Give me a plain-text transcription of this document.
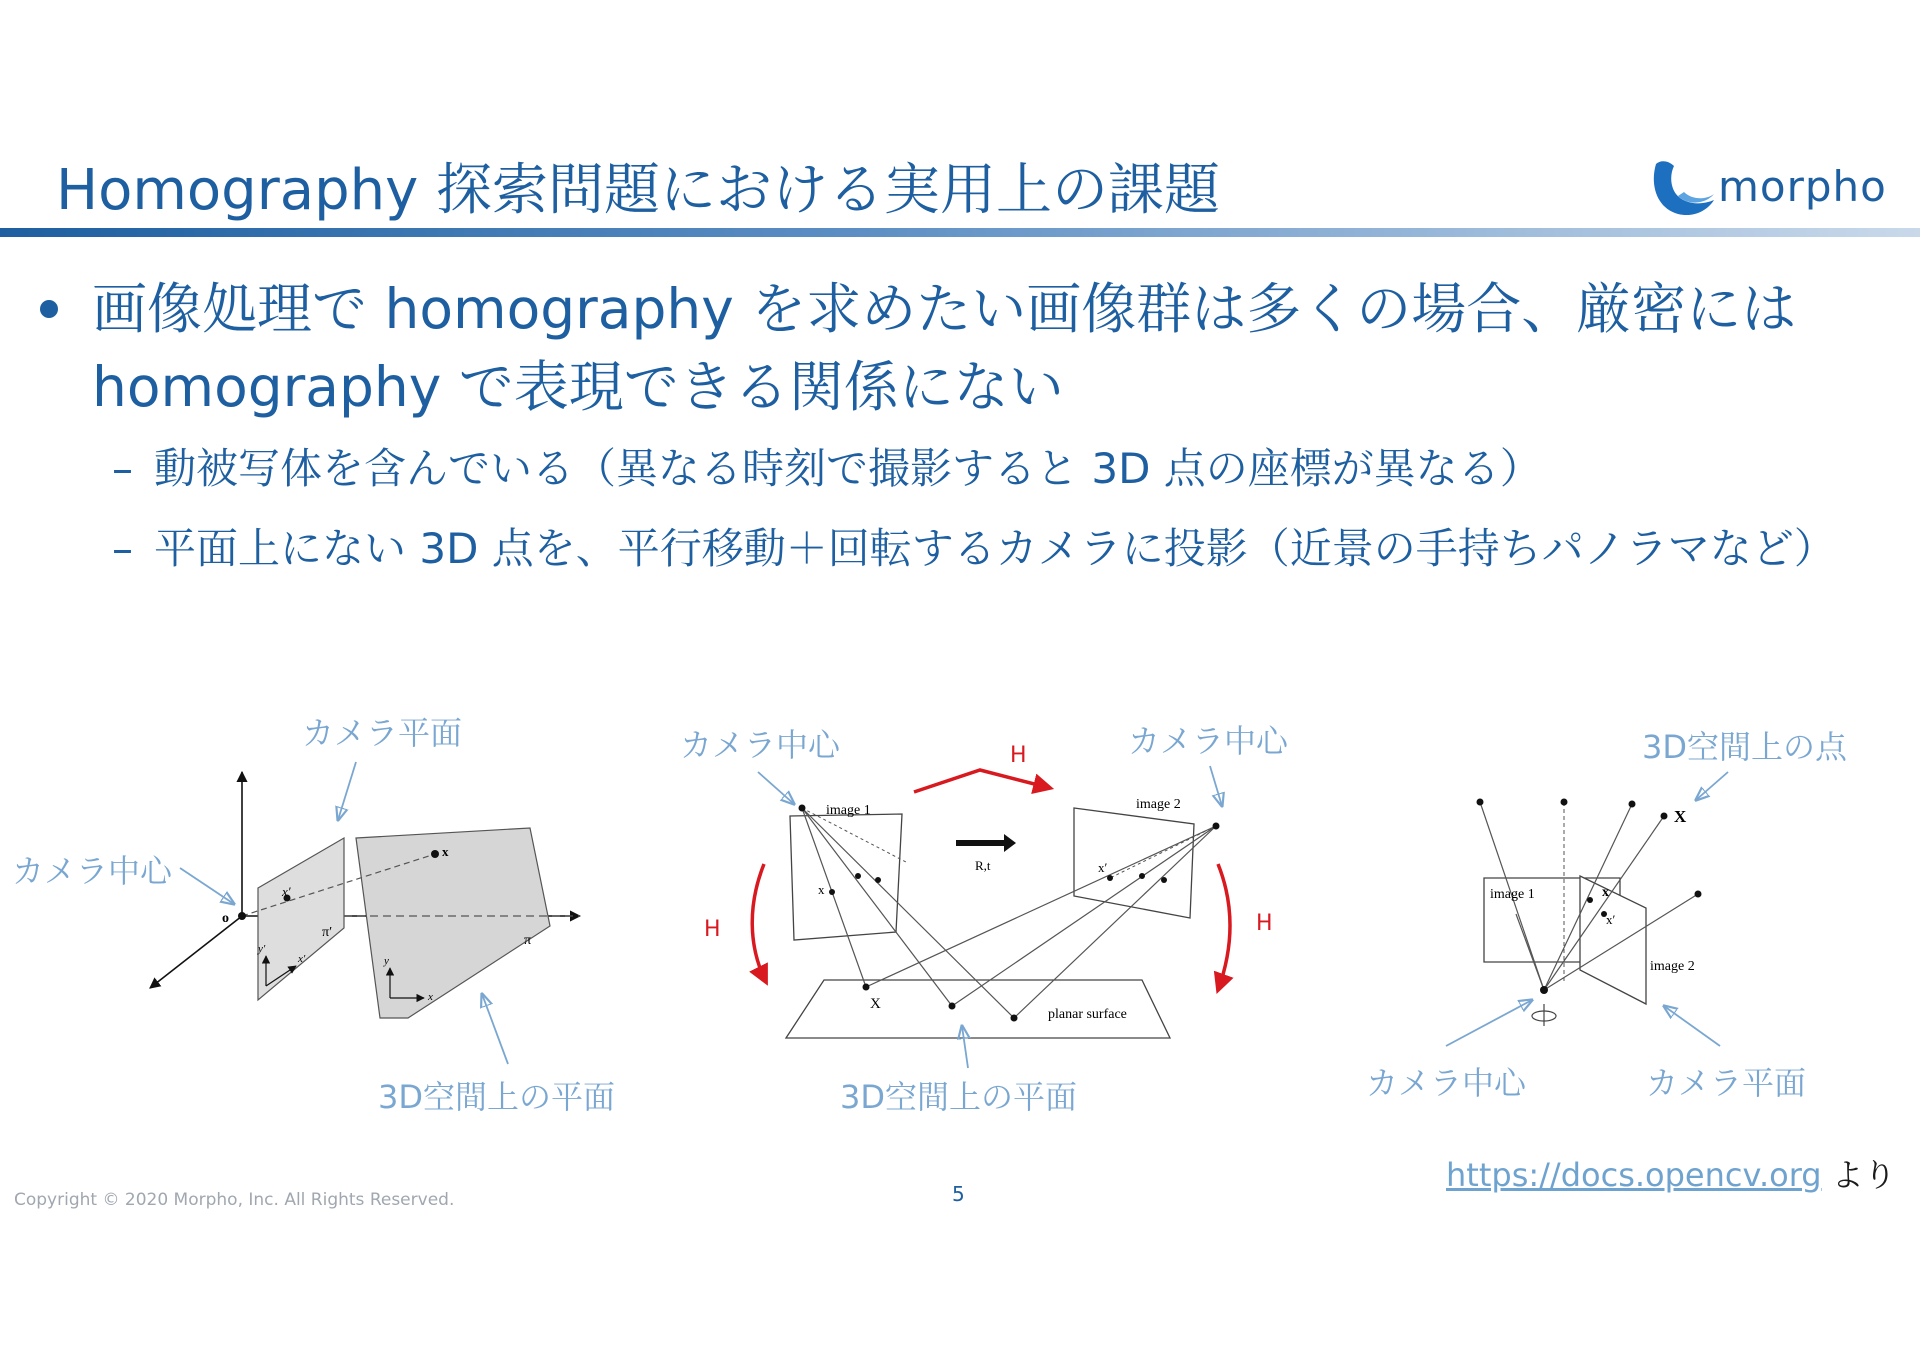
Homography 探索問題における実用上の課題	morpho
画像処理で homography を求めたい画像群は多くの場合、厳密には homography で表現できる関係にない
– 動被写体を含んでいる（異なる時刻で撮影すると 3D 点の座標が異なる）
– 平面上にない 3D 点を、平行移動＋回転するカメラに投影（近景の手持ちパノラマなど）
o
x′
x
π′
π
y′
x′	y
x
R,t
image 1	image 2
x
x′
X
planar surface
H
H	H
X
x
x′
image 1
image 2
カメラ平面
カメラ中心
3D空間上の平面
カメラ中心	カメラ中心
3D空間上の平面
3D空間上の点
カメラ中心	カメラ平面
https://docs.opencv.org より
Copyright © 2020 Morpho, Inc. All Rights Reserved.	5
